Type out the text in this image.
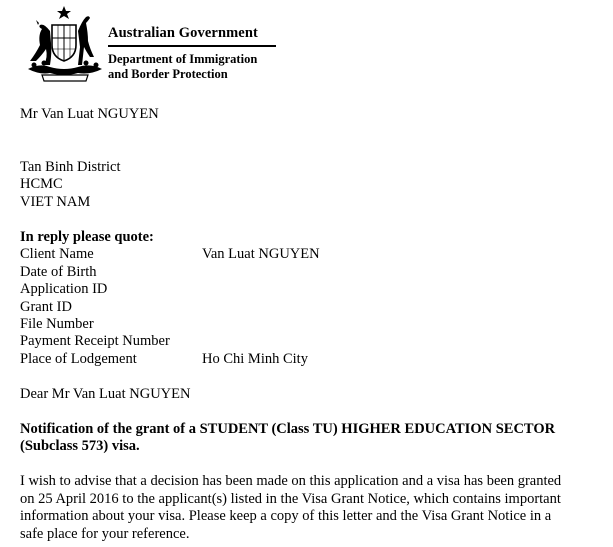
Australian Government
Department of Immigration
and Border Protection
Mr Van Luat NGUYEN
Tan Binh District
HCMC
VIET NAM
In reply please quote:
Client Name	Van Luat NGUYEN
Date of Birth
Application ID
Grant ID
File Number
Payment Receipt Number
Place of Lodgement	Ho Chi Minh City
Dear Mr Van Luat NGUYEN
Notification of the grant of a STUDENT (Class TU) HIGHER EDUCATION SECTOR
(Subclass 573) visa.
I wish to advise that a decision has been made on this application and a visa has been granted
on 25 April 2016 to the applicant(s) listed in the Visa Grant Notice, which contains important
information about your visa. Please keep a copy of this letter and the Visa Grant Notice in a
safe place for your reference.
